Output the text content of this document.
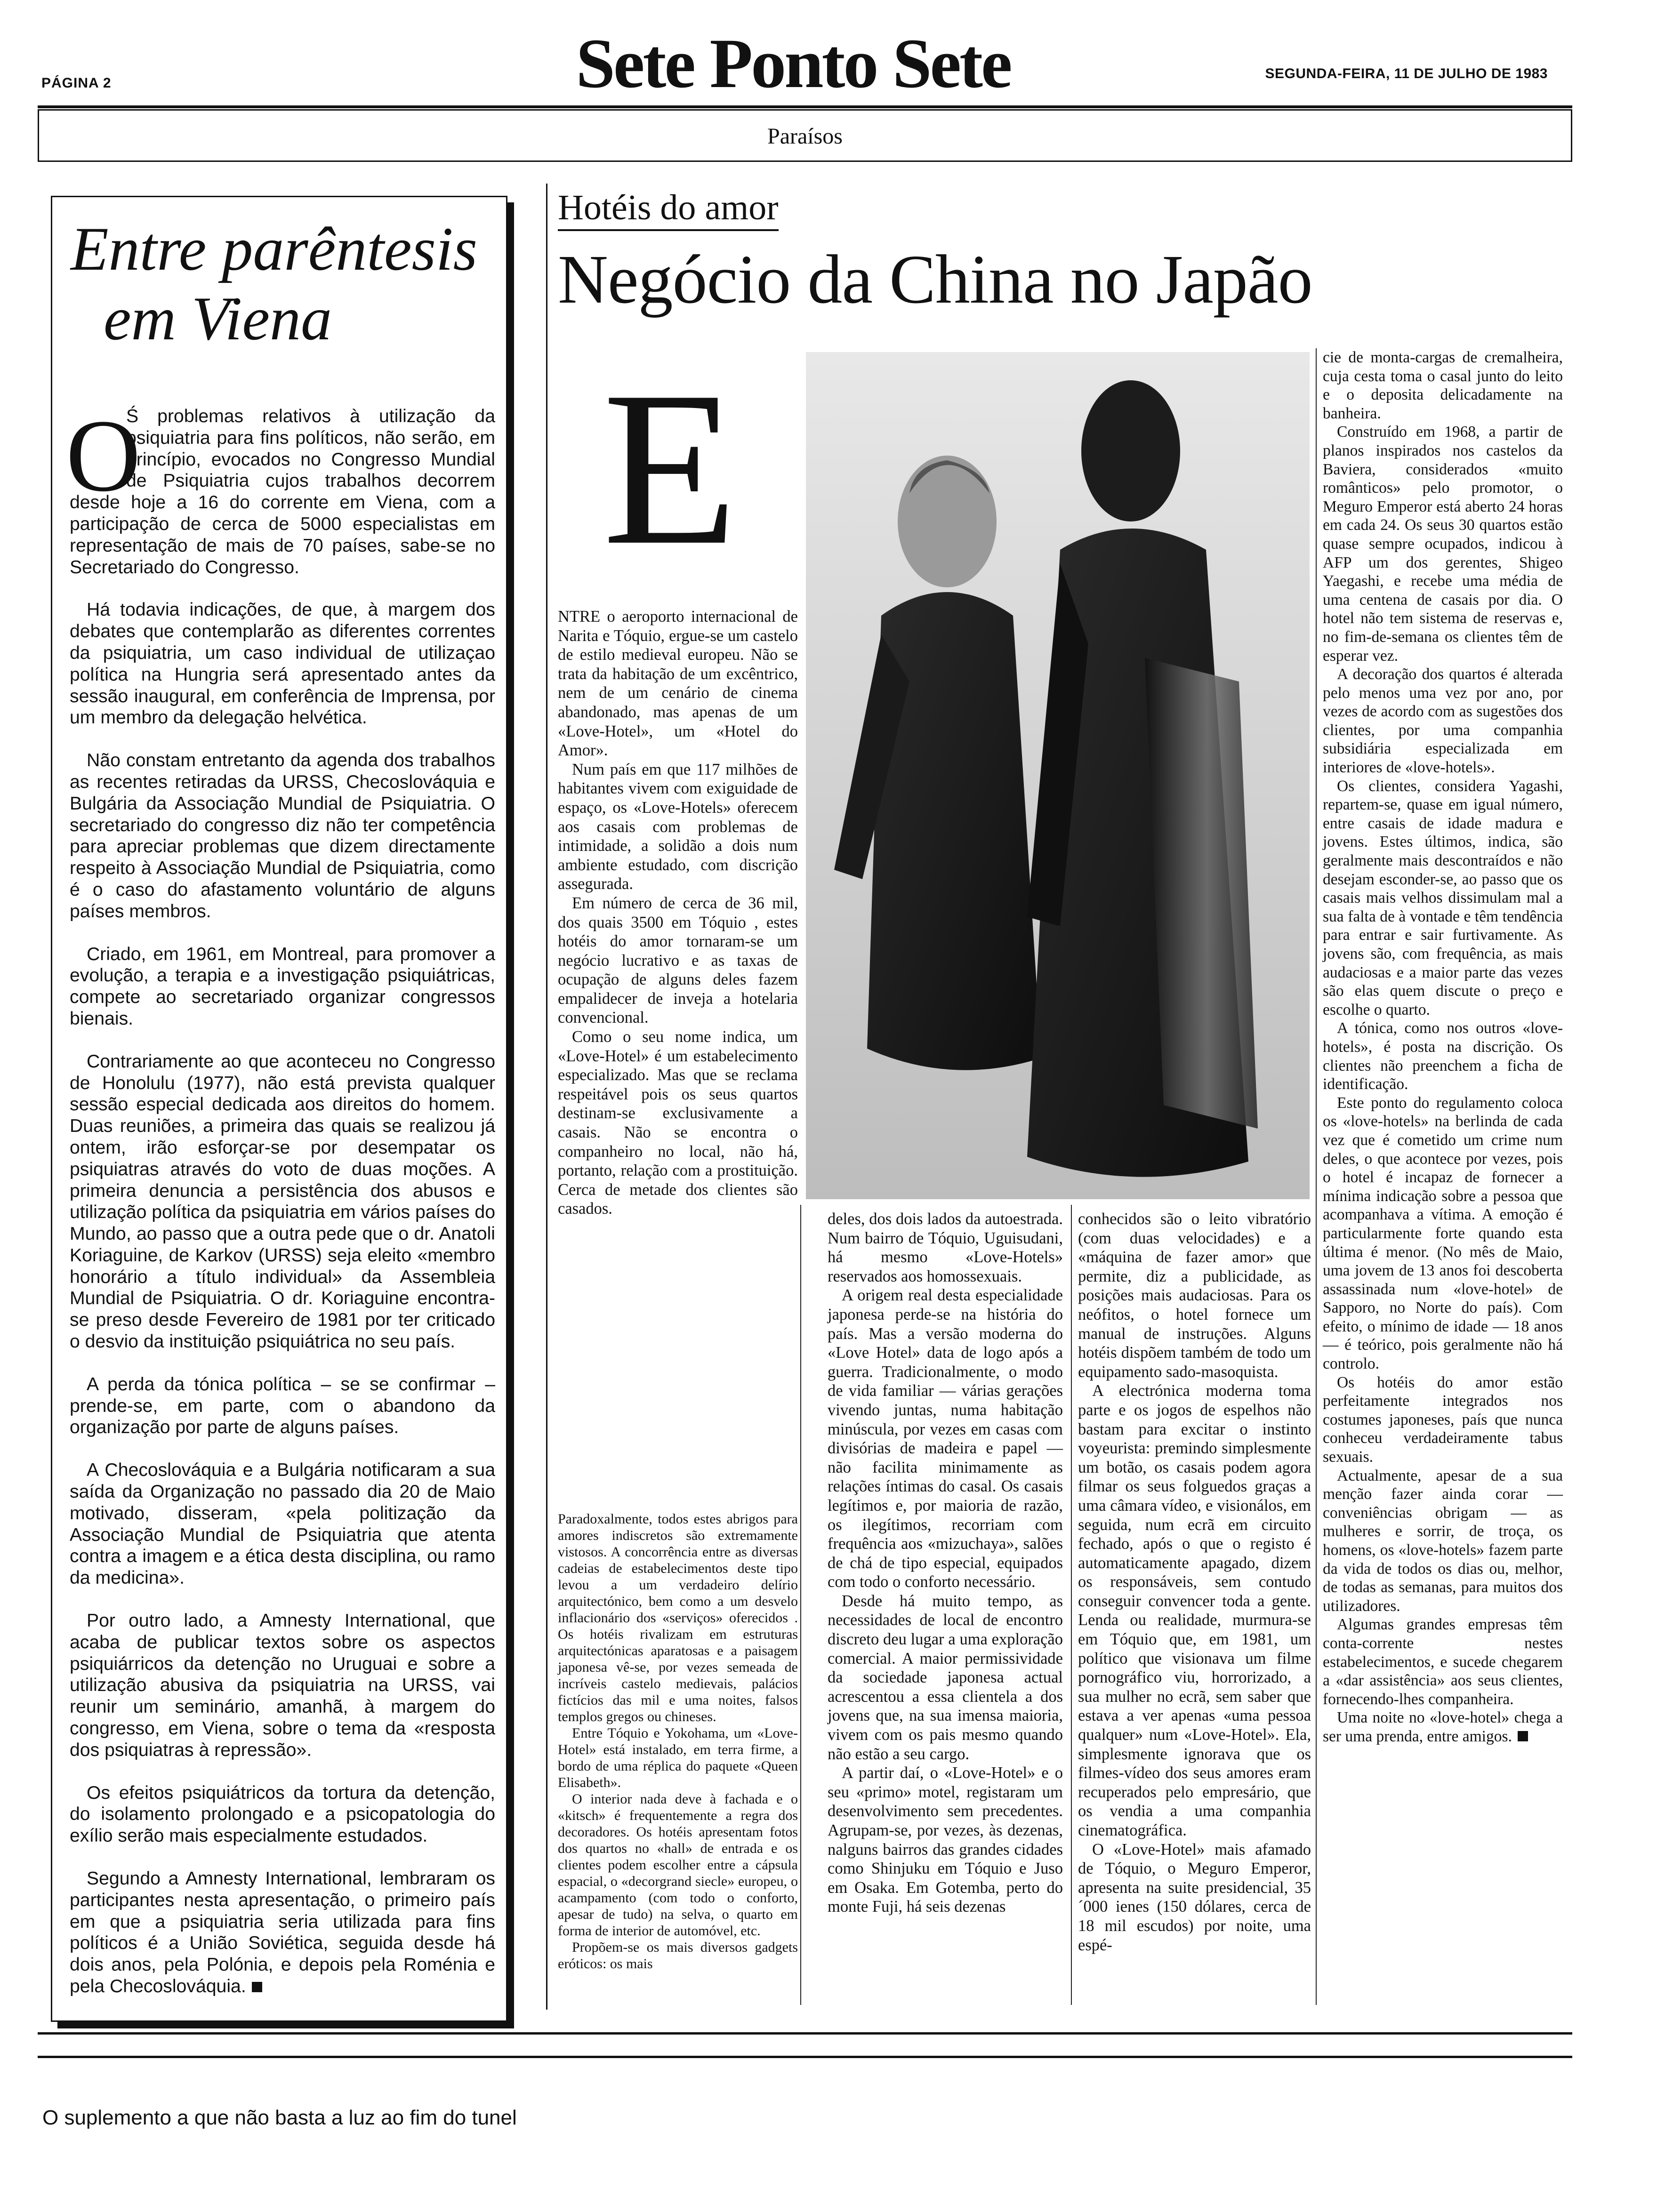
PÁGINA 2	Sete Ponto Sete	SEGUNDA-FEIRA, 11 DE JULHO DE 1983
Paraísos
Entre parêntesis
em Viena
O

Ś problemas relativos à utilização da psiquiatria para fins políticos, não serão, em princípio, evocados no Congresso Mundial de Psiquiatria cujos trabalhos decorrem desde hoje a 16 do corrente em Viena, com a participação de cerca de 5000 especialistas em representação de mais de 70 países, sabe-se no Secretariado do Congresso.

Há todavia indicações, de que, à margem dos debates que contemplarão as diferentes correntes da psiquiatria, um caso individual de utilizaçao política na Hungria será apresentado antes da sessão inaugural, em conferência de Imprensa, por um membro da delegação helvética.

Não constam entretanto da agenda dos trabalhos as recentes retiradas da URSS, Checoslováquia e Bulgária da Associação Mundial de Psiquiatria. O secretariado do congresso diz não ter competência para apreciar problemas que dizem directamente respeito à Associação Mundial de Psiquiatria, como é o caso do afastamento voluntário de alguns países membros.

Criado, em 1961, em Montreal, para promover a evolução, a terapia e a investigação psiquiátricas, compete ao secretariado organizar congressos bienais.

Contrariamente ao que aconteceu no Congresso de Honolulu (1977), não está prevista qualquer sessão especial dedicada aos direitos do homem. Duas reuniões, a primeira das quais se realizou já ontem, irão esforçar-se por desempatar os psiquiatras através do voto de duas moções. A primeira denuncia a persistência dos abusos e utilização política da psiquiatria em vários países do Mundo, ao passo que a outra pede que o dr. Anatoli Koriaguine, de Karkov (URSS) seja eleito «membro honorário a título individual» da Assembleia Mundial de Psiquiatria. O dr. Koriaguine encontra-se preso desde Fevereiro de 1981 por ter criticado o desvio da instituição psiquiátrica no seu país.

A perda da tónica política – se se confirmar – prende-se, em parte, com o abandono da organização por parte de alguns países.

A Checoslováquia e a Bulgária notificaram a sua saída da Organização no passado dia 20 de Maio motivado, disseram, «pela politização da Associação Mundial de Psiquiatria que atenta contra a imagem e a ética desta disciplina, ou ramo da medicina».

Por outro lado, a Amnesty International, que acaba de publicar textos sobre os aspectos psiquiárricos da detenção no Uruguai e sobre a utilização abusiva da psiquiatria na URSS, vai reunir um seminário, amanhã, à margem do congresso, em Viena, sobre o tema da «resposta dos psiquiatras à repressão».

Os efeitos psiquiátricos da tortura da detenção, do isolamento prolongado e a psicopatologia do exílio serão mais especialmente estudados.

Segundo a Amnesty International, lembraram os participantes nesta apresentação, o primeiro país em que a psiquiatria seria utilizada para fins políticos é a União Soviética, seguida desde há dois anos, pela Polónia, e depois pela Roménia e pela Checoslováquia.

Hotéis do amor
Negócio da China no Japão
E

NTRE o aeroporto internacional de Narita e Tóquio, ergue-se um castelo de estilo medieval europeu. Não se trata da habitação de um excêntrico, nem de um cenário de cinema abandonado, mas apenas de um «Love-Hotel», um «Hotel do Amor».

Num país em que 117 milhões de habitantes vivem com exiguidade de espaço, os «Love-Hotels» oferecem aos casais com problemas de intimidade, a solidão a dois num ambiente estudado, com discrição assegurada.

Em número de cerca de 36 mil, dos quais 3500 em Tóquio , estes hotéis do amor tornaram-se um negócio lucrativo e as taxas de ocupação de alguns deles fazem empalidecer de inveja a hotelaria convencional.

Como o seu nome indica, um «Love-Hotel» é um estabelecimento especializado. Mas que se reclama respeitável pois os seus quartos destinam-se exclusivamente a casais. Não se encontra o companheiro no local, não há, portanto, relação com a prostituição. Cerca de metade dos clientes são casados.

deles, dos dois lados da autoestrada. Num bairro de Tóquio, Uguisudani, há mesmo «Love-Hotels» reservados aos homossexuais.

A origem real desta especialidade japonesa perde-se na história do país. Mas a versão moderna do «Love Hotel» data de logo após a guerra. Tradicionalmente, o modo de vida familiar — várias gerações vivendo juntas, numa habitação minúscula, por vezes em casas com divisórias de madeira e papel — não facilita minimamente as relações íntimas do casal. Os casais legítimos e, por maioria de razão, os ilegítimos, recorriam com frequência aos «mizuchaya», salões de chá de tipo especial, equipados com todo o conforto necessário.

Desde há muito tempo, as necessidades de local de encontro discreto deu lugar a uma exploração comercial. A maior permissividade da sociedade japonesa actual acrescentou a essa clientela a dos jovens que, na sua imensa maioria, vivem com os pais mesmo quando não estão a seu cargo.

A partir daí, o «Love-Hotel» e o seu «primo» motel, registaram um desenvolvimento sem precedentes. Agrupam-se, por vezes, às dezenas, nalguns bairros das grandes cidades como Shinjuku em Tóquio e Juso em Osaka. Em Gotemba, perto do monte Fuji, há seis dezenas

conhecidos são o leito vibratório (com duas velocidades) e a «máquina de fazer amor» que permite, diz a publicidade, as posições mais audaciosas. Para os neófitos, o hotel fornece um manual de instruções. Alguns hotéis dispõem também de todo um equipamento sado-masoquista.

A electrónica moderna toma parte e os jogos de espelhos não bastam para excitar o instinto voyeurista: premindo simplesmente um botão, os casais podem agora filmar os seus folguedos graças a uma câmara vídeo, e visionálos, em seguida, num ecrã em circuito fechado, após o que o registo é automaticamente apagado, dizem os responsáveis, sem contudo conseguir convencer toda a gente. Lenda ou realidade, murmura-se em Tóquio que, em 1981, um político que visionava um filme pornográfico viu, horrorizado, a sua mulher no ecrã, sem saber que estava a ver apenas «uma pessoa qualquer» num «Love-Hotel». Ela, simplesmente ignorava que os filmes-vídeo dos seus amores eram recuperados pelo empresário, que os vendia a uma companhia cinematográfica.

O «Love-Hotel» mais afamado de Tóquio, o Meguro Emperor, apresenta na suite presidencial, 35´000 ienes (150 dólares, cerca de 18 mil escudos) por noite, uma espé-

Paradoxalmente, todos estes abrigos para amores indiscretos são extremamente vistosos. A concorrência entre as diversas cadeias de estabelecimentos deste tipo levou a um verdadeiro delírio arquitectónico, bem como a um desvelo inflacionário dos «serviços» oferecidos . Os hotéis rivalizam em estruturas arquitectónicas aparatosas e a paisagem japonesa vê-se, por vezes semeada de incríveis castelo medievais, palácios fictícios das mil e uma noites, falsos templos gregos ou chineses.

Entre Tóquio e Yokohama, um «Love-Hotel» está instalado, em terra firme, a bordo de uma réplica do paquete «Queen Elisabeth».

O interior nada deve à fachada e o «kitsch» é frequentemente a regra dos decoradores. Os hotéis apresentam fotos dos quartos no «hall» de entrada e os clientes podem escolher entre a cápsula espacial, o «decorgrand siecle» europeu, o acampamento (com todo o conforto, apesar de tudo) na selva, o quarto em forma de interior de automóvel, etc.

Propõem-se os mais diversos gadgets eróticos: os mais

cie de monta-cargas de cremalheira, cuja cesta toma o casal junto do leito e o deposita delicadamente na banheira.

Construído em 1968, a partir de planos inspirados nos castelos da Baviera, considerados «muito românticos» pelo promotor, o Meguro Emperor está aberto 24 horas em cada 24. Os seus 30 quartos estão quase sempre ocupados, indicou à AFP um dos gerentes, Shigeo Yaegashi, e recebe uma média de uma centena de casais por dia. O hotel não tem sistema de reservas e, no fim-de-semana os clientes têm de esperar vez.

A decoração dos quartos é alterada pelo menos uma vez por ano, por vezes de acordo com as sugestões dos clientes, por uma companhia subsidiária especializada em interiores de «love-hotels».

Os clientes, considera Yagashi, repartem-se, quase em igual número, entre casais de idade madura e jovens. Estes últimos, indica, são geralmente mais descontraídos e não desejam esconder-se, ao passo que os casais mais velhos dissimulam mal a sua falta de à vontade e têm tendência para entrar e sair furtivamente. As jovens são, com frequência, as mais audaciosas e a maior parte das vezes são elas quem discute o preço e escolhe o quarto.

A tónica, como nos outros «love-hotels», é posta na discrição. Os clientes não preenchem a ficha de identificação.

Este ponto do regulamento coloca os «love-hotels» na berlinda de cada vez que é cometido um crime num deles, o que acontece por vezes, pois o hotel é incapaz de fornecer a mínima indicação sobre a pessoa que acompanhava a vítima. A emoção é particularmente forte quando esta última é menor. (No mês de Maio, uma jovem de 13 anos foi descoberta assassinada num «love-hotel» de Sapporo, no Norte do país). Com efeito, o mínimo de idade — 18 anos — é teórico, pois geralmente não há controlo.

Os hotéis do amor estão perfeitamente integrados nos costumes japoneses, país que nunca conheceu verdadeiramente tabus sexuais.

Actualmente, apesar de a sua menção fazer ainda corar — conveniências obrigam — as mulheres e sorrir, de troça, os homens, os «love-hotels» fazem parte da vida de todos os dias ou, melhor, de todas as semanas, para muitos dos utilizadores.

Algumas grandes empresas têm conta-corrente nestes estabelecimentos, e sucede chegarem a «dar assistência» aos seus clientes, fornecendo-lhes companheira.

Uma noite no «love-hotel» chega a ser uma prenda, entre amigos.

O suplemento a que não basta a luz ao fim do tunel
